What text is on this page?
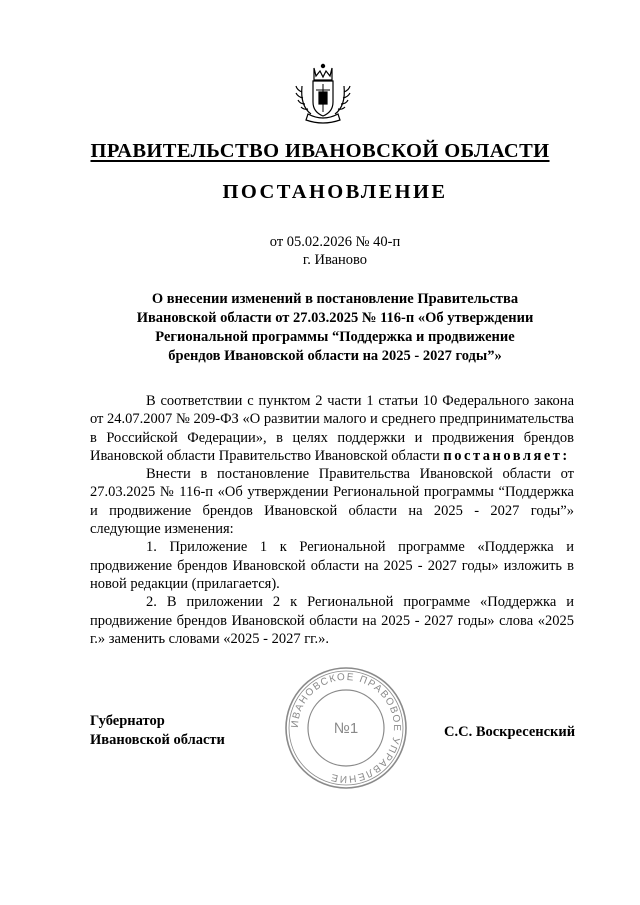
ПРАВИТЕЛЬСТВО ИВАНОВСКОЙ ОБЛАСТИ
ПОСТАНОВЛЕНИЕ
от 05.02.2026 № 40-п
г. Иваново
О внесении изменений в постановление Правительства
Ивановской области от 27.03.2025 № 116-п «Об утверждении
Региональной программы “Поддержка и продвижение
брендов Ивановской области на 2025 - 2027 годы”»

В соответствии с пунктом 2 части 1 статьи 10 Федерального закона от 24.07.2007 № 209-ФЗ «О развитии малого и среднего предпринимательства в Российской Федерации», в целях поддержки и продвижения брендов Ивановской области Правительство Ивановской области постановляет:

Внести в постановление Правительства Ивановской области от 27.03.2025 № 116-п «Об утверждении Региональной программы “Поддержка и продвижение брендов Ивановской области на 2025 - 2027 годы”» следующие изменения:

1. Приложение 1 к Региональной программе «Поддержка и продвижение брендов Ивановской области на 2025 - 2027 годы» изложить в новой редакции (прилагается).

2. В приложении 2 к Региональной программе «Поддержка и продвижение брендов Ивановской области на 2025 - 2027 годы» слова «2025 г.» заменить словами «2025 - 2027 гг.».

Губернатор
Ивановской области	С.С. Воскресенский
ИВАНОВСКОЕ ПРАВОВОЕ УПРАВЛЕНИЕ
№1
